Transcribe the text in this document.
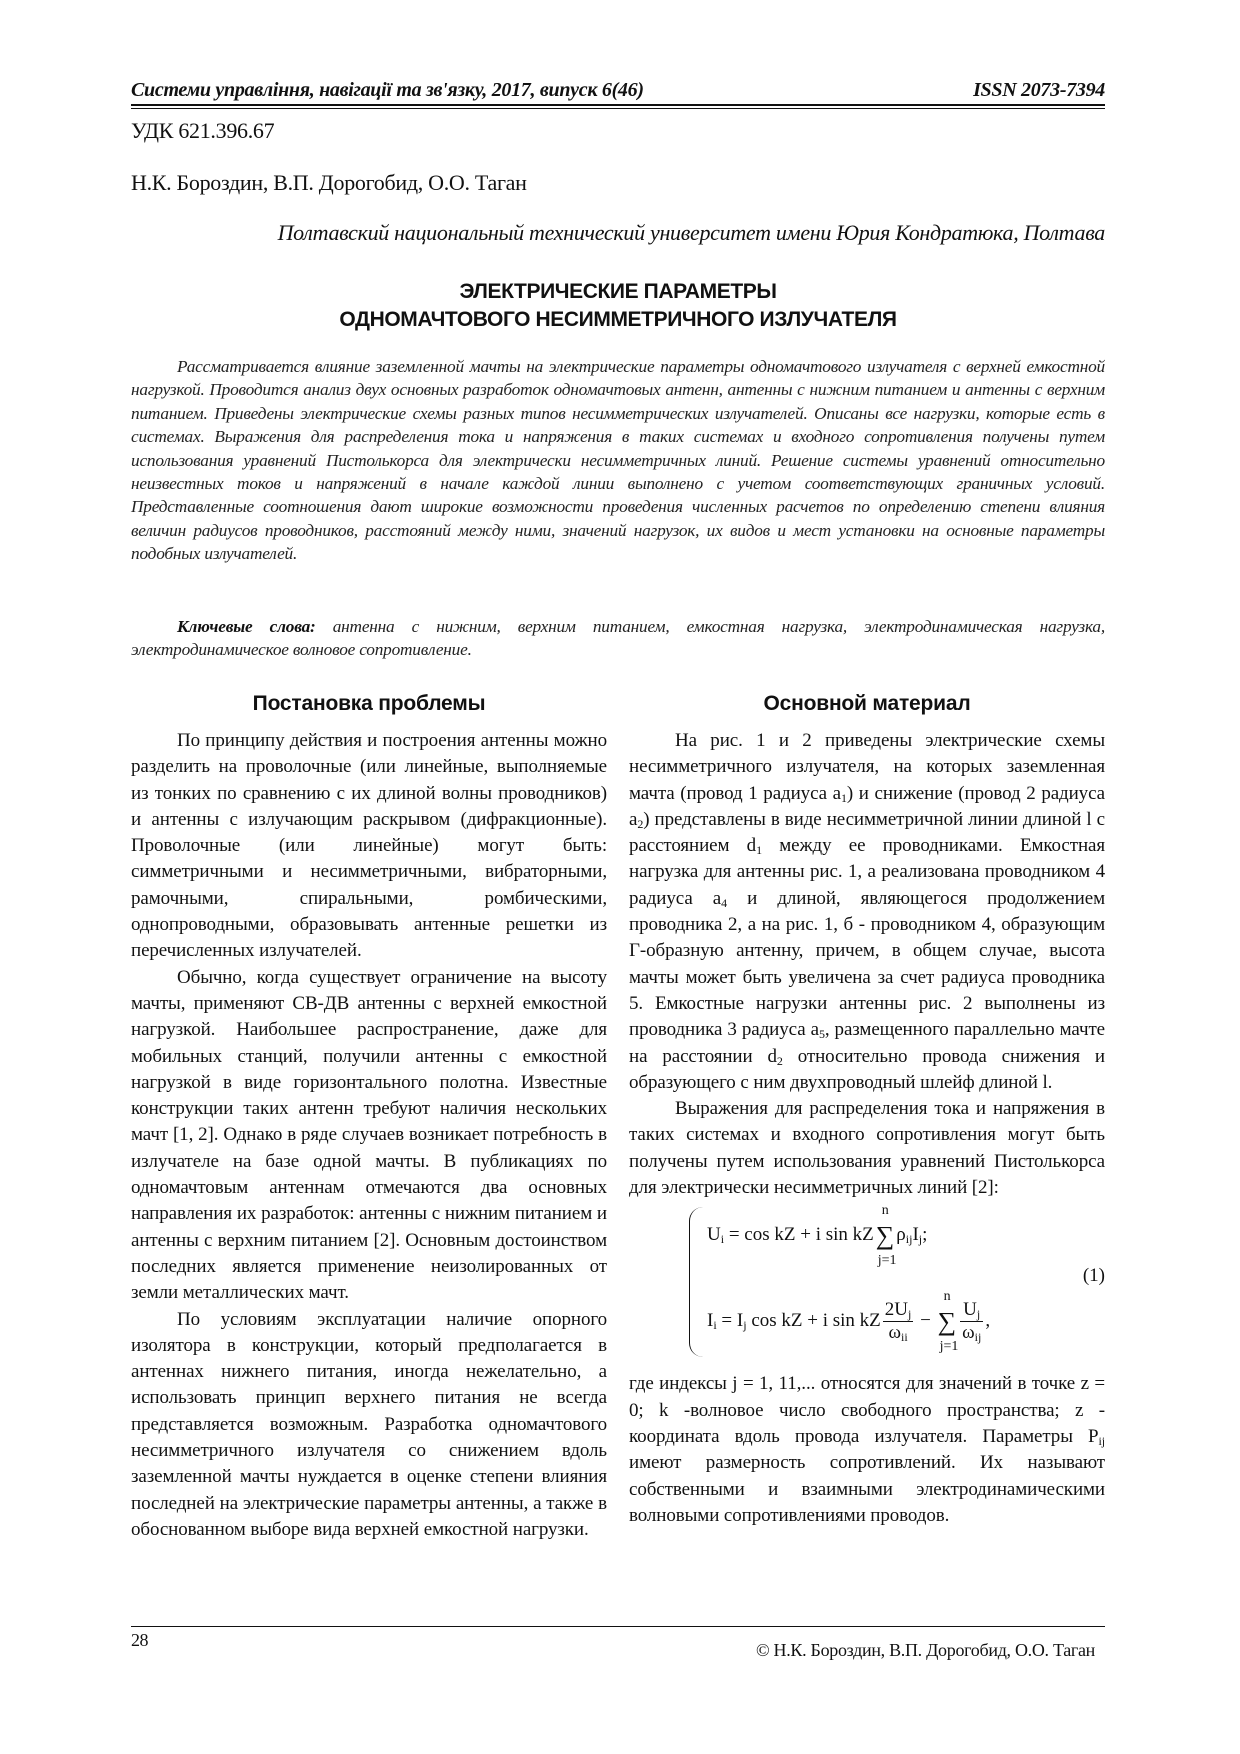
Системи управління, навігації та зв'язку, 2017, випуск 6(46)	ISSN 2073-7394
УДК 621.396.67
Н.К. Бороздин, В.П. Дорогобид, О.О. Таган
Полтавский национальный технический университет имени Юрия Кондратюка, Полтава
ЭЛЕКТРИЧЕСКИЕ ПАРАМЕТРЫ
ОДНОМАЧТОВОГО НЕСИММЕТРИЧНОГО ИЗЛУЧАТЕЛЯ
Рассматривается влияние заземленной мачты на электрические параметры одномачтового излучателя с верхней емкостной нагрузкой. Проводится анализ двух основных разработок одномачтовых антенн, антенны с нижним питанием и антенны с верхним питанием. Приведены электрические схемы разных типов несимметрических излучателей. Описаны все нагрузки, которые есть в системах. Выражения для распределения тока и напряжения в таких системах и входного сопротивления получены путем использования уравнений Пистолькорса для электрически несимметричных линий. Решение системы уравнений относительно неизвестных токов и напряжений в начале каждой линии выполнено с учетом соответствующих граничных условий. Представленные соотношения дают широкие возможности проведения численных расчетов по определению степени влияния величин радиусов проводников, расстояний между ними, значений нагрузок, их видов и мест установки на основные параметры подобных излучателей.
Ключевые слова: антенна с нижним, верхним питанием, емкостная нагрузка, электродинамическая нагрузка, электродинамическое волновое сопротивление.
Постановка проблемы

По принципу действия и построения антенны можно разделить на проволочные (или линейные, выполняемые из тонких по сравнению с их длиной волны проводников) и антенны с излучающим раскрывом (дифракционные). Проволочные (или линейные) могут быть: симметричными и несимметричными, вибраторными, рамочными, спиральными, ромбическими, однопроводными, образовывать антенные решетки из перечисленных излучателей.

Обычно, когда существует ограничение на высоту мачты, применяют СВ-ДВ антенны с верхней емкостной нагрузкой. Наибольшее распространение, даже для мобильных станций, получили антенны с емкостной нагрузкой в виде горизонтального полотна. Известные конструкции таких антенн требуют наличия нескольких мачт [1, 2]. Однако в ряде случаев возникает потребность в излучателе на базе одной мачты. В публикациях по одномачтовым антеннам отмечаются два основных направления их разработок: антенны с нижним питанием и антенны с верхним питанием [2]. Основным достоинством последних является применение неизолированных от земли металлических мачт.

По условиям эксплуатации наличие опорного изолятора в конструкции, который предполагается в антеннах нижнего питания, иногда нежелательно, а использовать принцип верхнего питания не всегда представляется возможным. Разработка одномачтового несимметричного излучателя со снижением вдоль заземленной мачты нуждается в оценке степени влияния последней на электрические параметры антенны, а также в обоснованном выборе вида верхней емкостной нагрузки.

Основной материал

На рис. 1 и 2 приведены электрические схемы несимметричного излучателя, на которых заземленная мачта (провод 1 радиуса $a_1$) и снижение (провод 2 радиуса $a_2$) представлены в виде несимметричной линии длиной l с расстоянием $d_1$ между ее проводниками. Емкостная нагрузка для антенны рис. 1, а реализована проводником 4 радиуса $a_4$ и длиной, являющегося продолжением проводника 2, а на рис. 1, б - проводником 4, образующим Г-образную антенну, причем, в общем случае, высота мачты может быть увеличена за счет радиуса проводника 5. Емкостные нагрузки антенны рис. 2 выполнены из проводника 3 радиуса $a_5$, размещенного параллельно мачте на расстоянии $d_2$ относительно провода снижения и образующего с ним двухпроводный шлейф длиной l.

Выражения для распределения тока и напряжения в таких системах и входного сопротивления могут быть получены путем использования уравнений Пистолькорса для электрически несимметричных линий [2]:

$U_i = \cos$ kZ + i sin kZ∑
n
j=1
$\rho_{ij}I_j$;
$I_i = I_j$ cos kZ + i sin kZ $\frac{2U_j}{\omega_{ii}}$ − ∑
n
j=1
$\frac{U_j}{\omega_{ij}}$ ,
(1)

где индексы j = 1, 11,... относятся для значений в точке z = 0; k -волновое число свободного пространства; z - координата вдоль провода излучателя. Параметры $P_{ij}$ имеют размерность сопротивлений. Их называют собственными и взаимными электродинамическими волновыми сопротивлениями проводов.

28	© Н.К. Бороздин, В.П. Дорогобид, О.О. Таган
